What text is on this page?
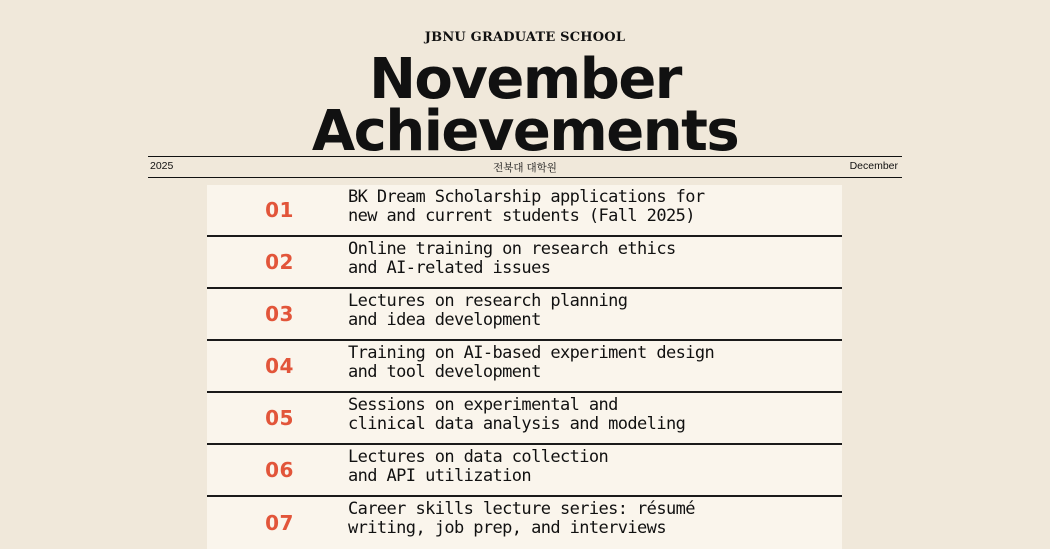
JBNU GRADUATE SCHOOL
November
Achievements
2025	전북대 대학원	December
01
BK Dream Scholarship applications for
new and current students (Fall 2025)
02
Online training on research ethics
and AI-related issues
03
Lectures on research planning
and idea development
04
Training on AI-based experiment design
and tool development
05
Sessions on experimental and
clinical data analysis and modeling
06
Lectures on data collection
and API utilization
07
Career skills lecture series: résumé
writing, job prep, and interviews
